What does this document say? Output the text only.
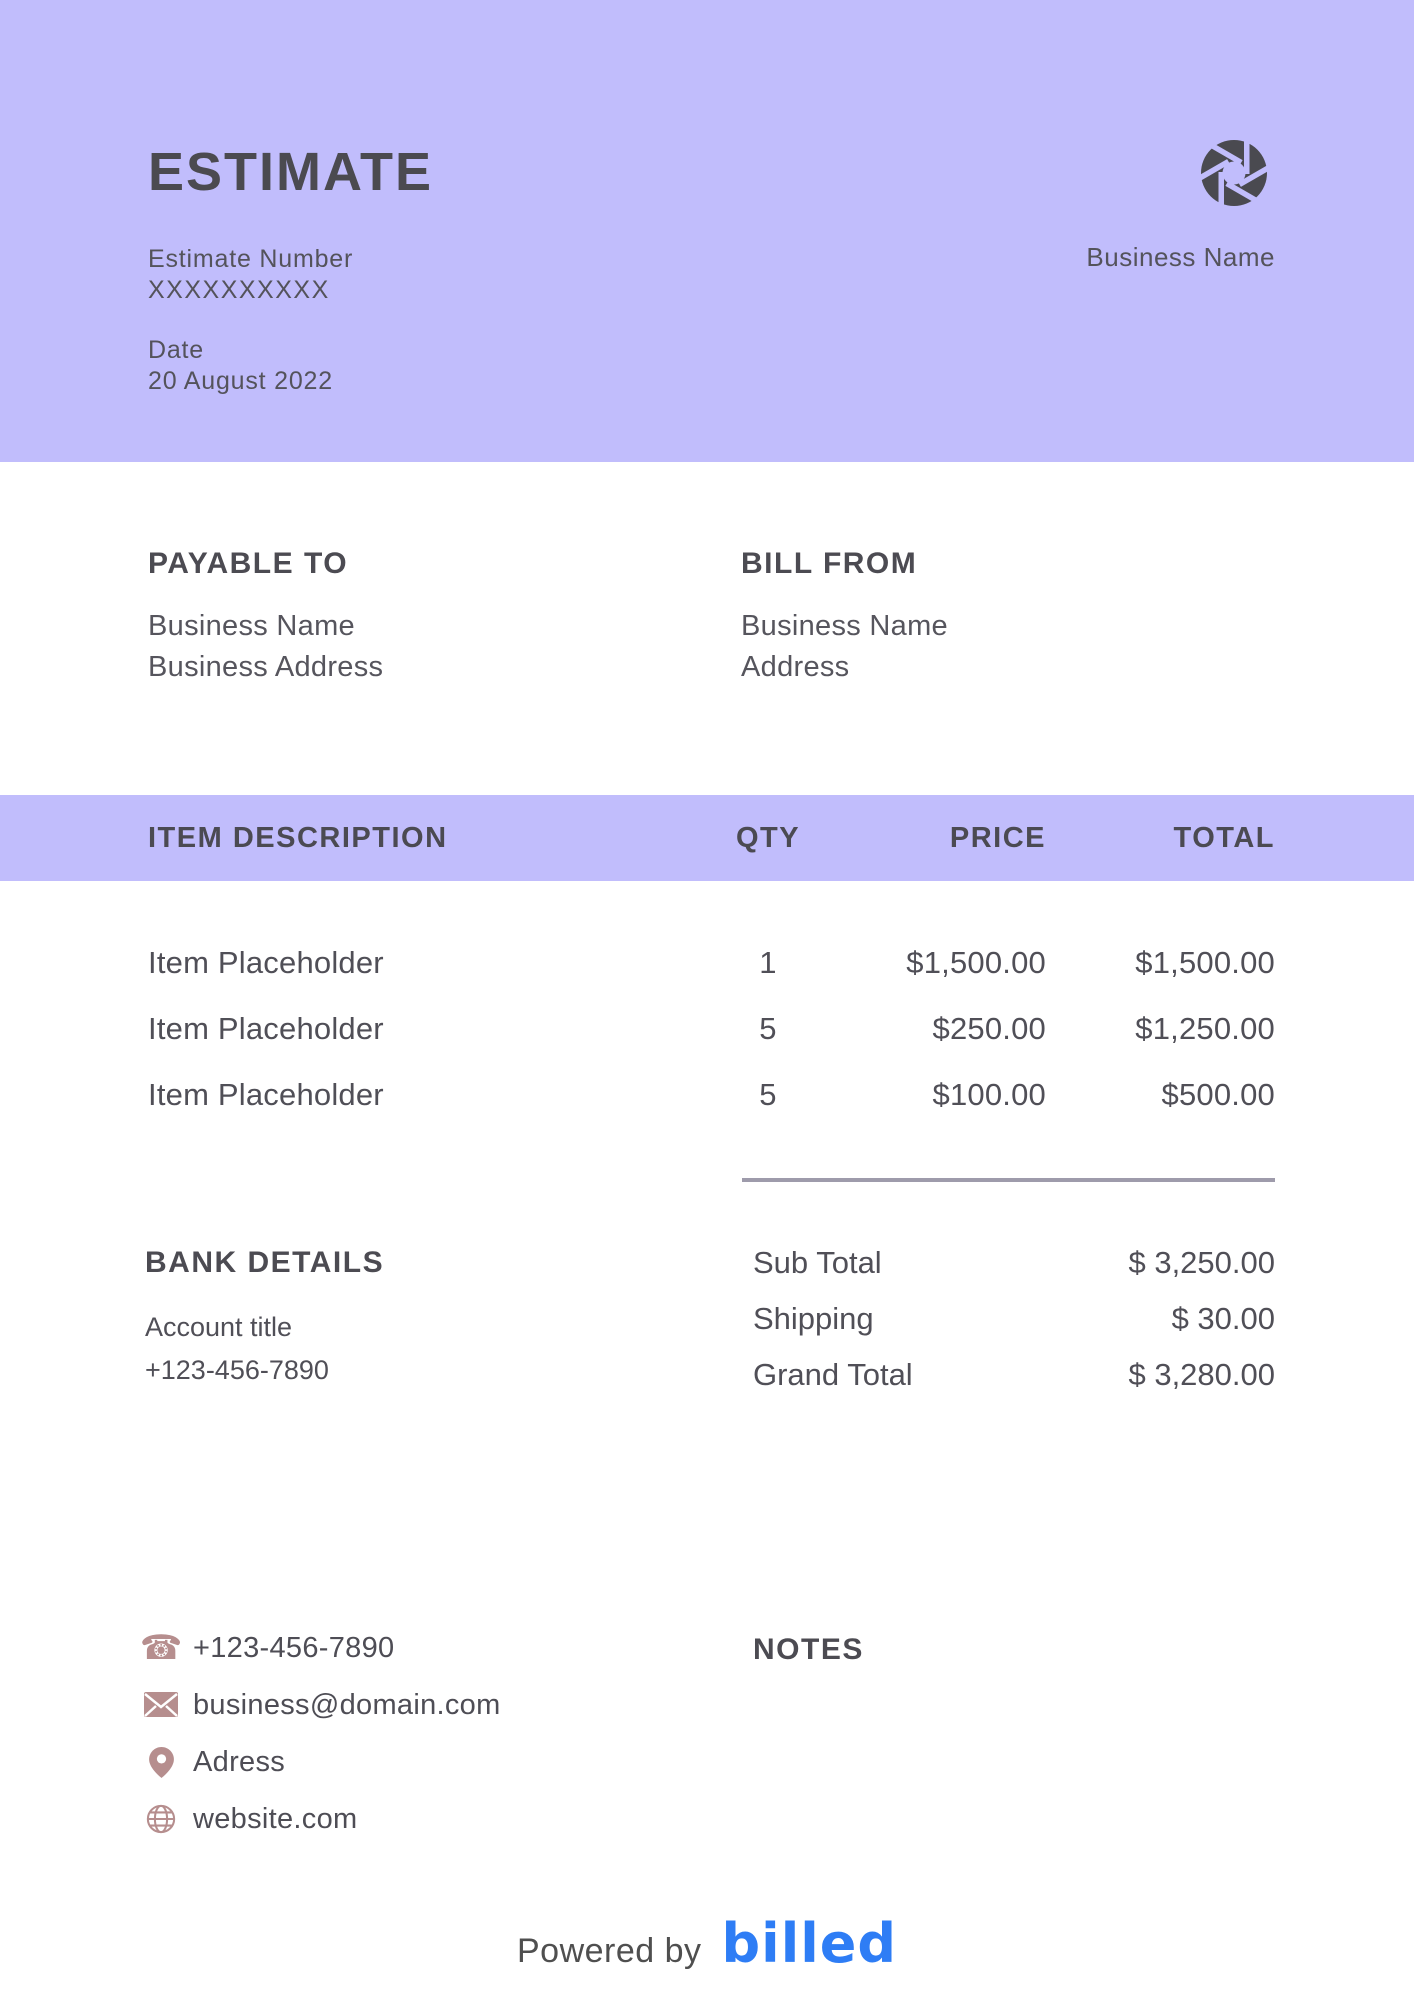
ESTIMATE
Estimate Number
XXXXXXXXXX
Date
20 August 2022
Business Name
PAYABLE TO
Business Name
Business Address
BILL FROM
Business Name
Address
ITEM DESCRIPTION	QTY	PRICE	TOTAL
Item Placeholder	1	$1,500.00	$1,500.00
Item Placeholder	5	$250.00	$1,250.00
Item Placeholder	5	$100.00	$500.00
Sub Total	$ 3,250.00
Shipping	$ 30.00
Grand Total	$ 3,280.00
BANK DETAILS
Account title
+123-456-7890
☎ +123-456-7890
business@domain.com
Adress
website.com
NOTES
Powered by billed
